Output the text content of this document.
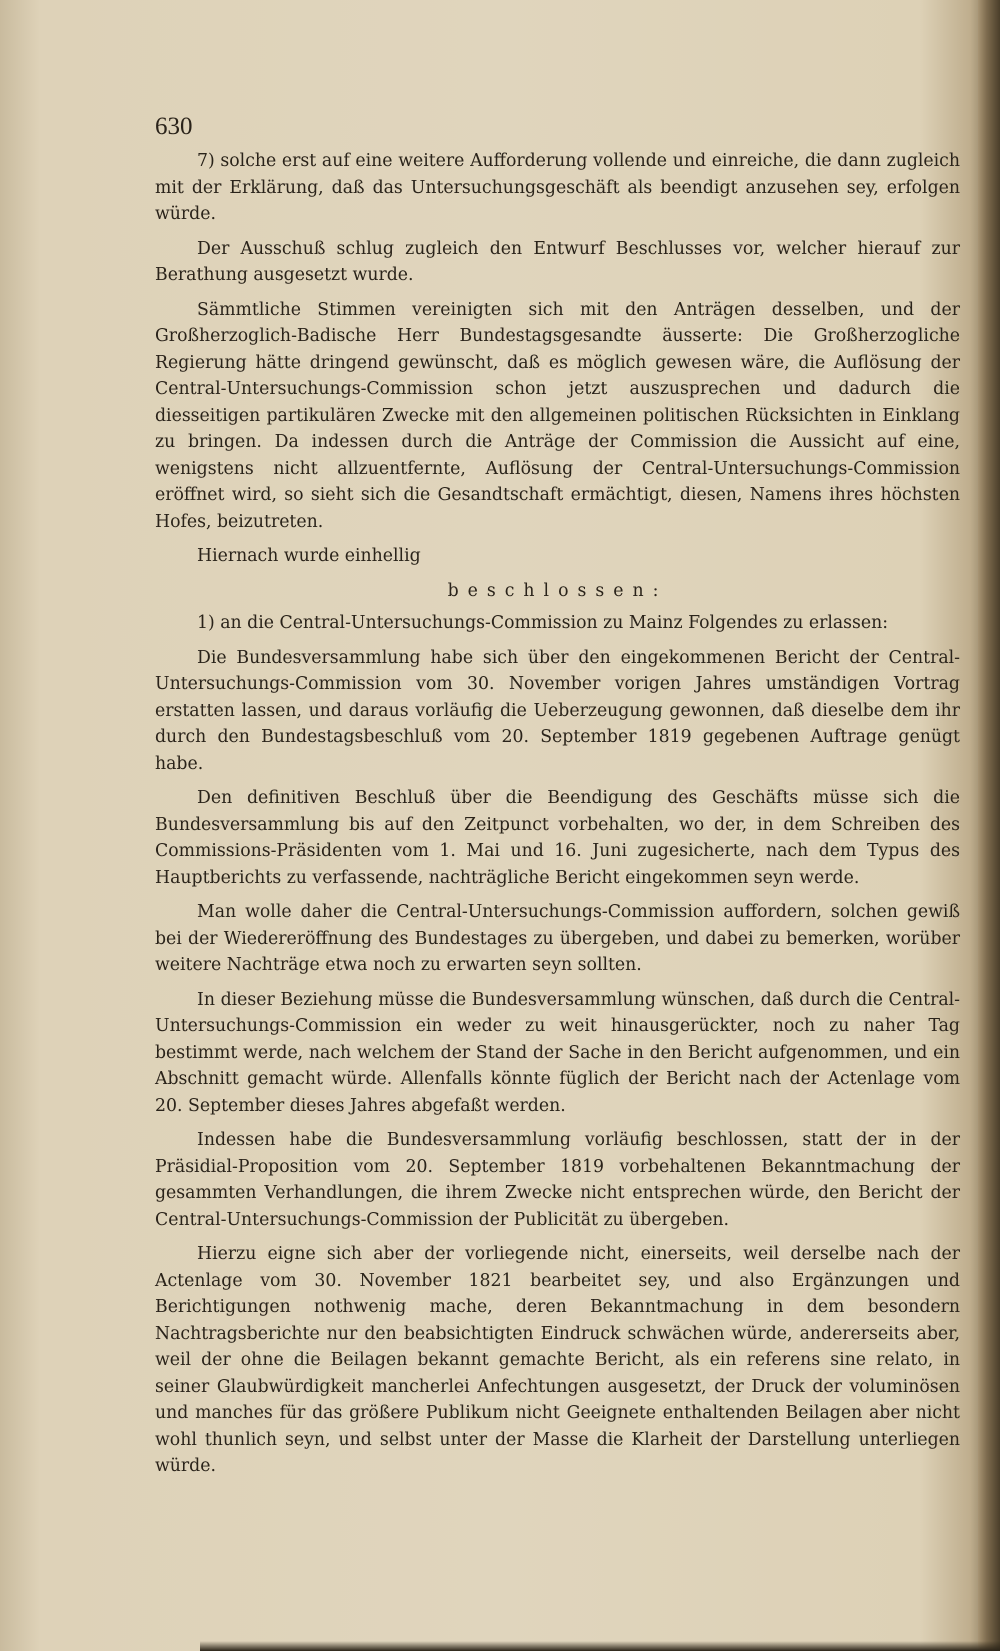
630

7) solche erst auf eine weitere Aufforderung vollende und einreiche, die dann zugleich mit der Erklärung, daß das Untersuchungsgeschäft als beendigt anzusehen sey, erfolgen würde.

Der Ausschuß schlug zugleich den Entwurf Beschlusses vor, welcher hierauf zur Berathung ausgesetzt wurde.

Sämmtliche Stimmen vereinigten sich mit den Anträgen desselben, und der Großherzoglich-Badische Herr Bundestagsgesandte äusserte: Die Großherzogliche Regierung hätte dringend gewünscht, daß es möglich gewesen wäre, die Auflösung der Central-Untersuchungs-Commission schon jetzt auszusprechen und dadurch die diesseitigen partikulären Zwecke mit den allgemeinen politischen Rücksichten in Einklang zu bringen. Da indessen durch die Anträge der Commission die Aussicht auf eine, wenigstens nicht allzuentfernte, Auflösung der Central-Untersuchungs-Commission eröffnet wird, so sieht sich die Gesandtschaft ermächtigt, diesen, Namens ihres höchsten Hofes, beizutreten.

Hiernach wurde einhellig

beschlossen:

1) an die Central-Untersuchungs-Commission zu Mainz Folgendes zu erlassen:

Die Bundesversammlung habe sich über den eingekommenen Bericht der Central-Untersuchungs-Commission vom 30. November vorigen Jahres umständigen Vortrag erstatten lassen, und daraus vorläufig die Ueberzeugung gewonnen, daß dieselbe dem ihr durch den Bundestagsbeschluß vom 20. September 1819 gegebenen Auftrage genügt habe.

Den definitiven Beschluß über die Beendigung des Geschäfts müsse sich die Bundesversammlung bis auf den Zeitpunct vorbehalten, wo der, in dem Schreiben des Commissions-Präsidenten vom 1. Mai und 16. Juni zugesicherte, nach dem Typus des Hauptberichts zu verfassende, nachträgliche Bericht eingekommen seyn werde.

Man wolle daher die Central-Untersuchungs-Commission auffordern, solchen gewiß bei der Wiedereröffnung des Bundestages zu übergeben, und dabei zu bemerken, worüber weitere Nachträge etwa noch zu erwarten seyn sollten.

In dieser Beziehung müsse die Bundesversammlung wünschen, daß durch die Central-Untersuchungs-Commission ein weder zu weit hinausgerückter, noch zu naher Tag bestimmt werde, nach welchem der Stand der Sache in den Bericht aufgenommen, und ein Abschnitt gemacht würde. Allenfalls könnte füglich der Bericht nach der Actenlage vom 20. September dieses Jahres abgefaßt werden.

Indessen habe die Bundesversammlung vorläufig beschlossen, statt der in der Präsidial-Proposition vom 20. September 1819 vorbehaltenen Bekanntmachung der gesammten Verhandlungen, die ihrem Zwecke nicht entsprechen würde, den Bericht der Central-Untersuchungs-Commission der Publicität zu übergeben.

Hierzu eigne sich aber der vorliegende nicht, einerseits, weil derselbe nach der Actenlage vom 30. November 1821 bearbeitet sey, und also Ergänzungen und Berichtigungen nothwenig mache, deren Bekanntmachung in dem besondern Nachtragsberichte nur den beabsichtigten Eindruck schwächen würde, andererseits aber, weil der ohne die Beilagen bekannt gemachte Bericht, als ein referens sine relato, in seiner Glaubwürdigkeit mancherlei Anfechtungen ausgesetzt, der Druck der voluminösen und manches für das größere Publikum nicht Geeignete enthaltenden Beilagen aber nicht wohl thunlich seyn, und selbst unter der Masse die Klarheit der Darstellung unterliegen würde.
